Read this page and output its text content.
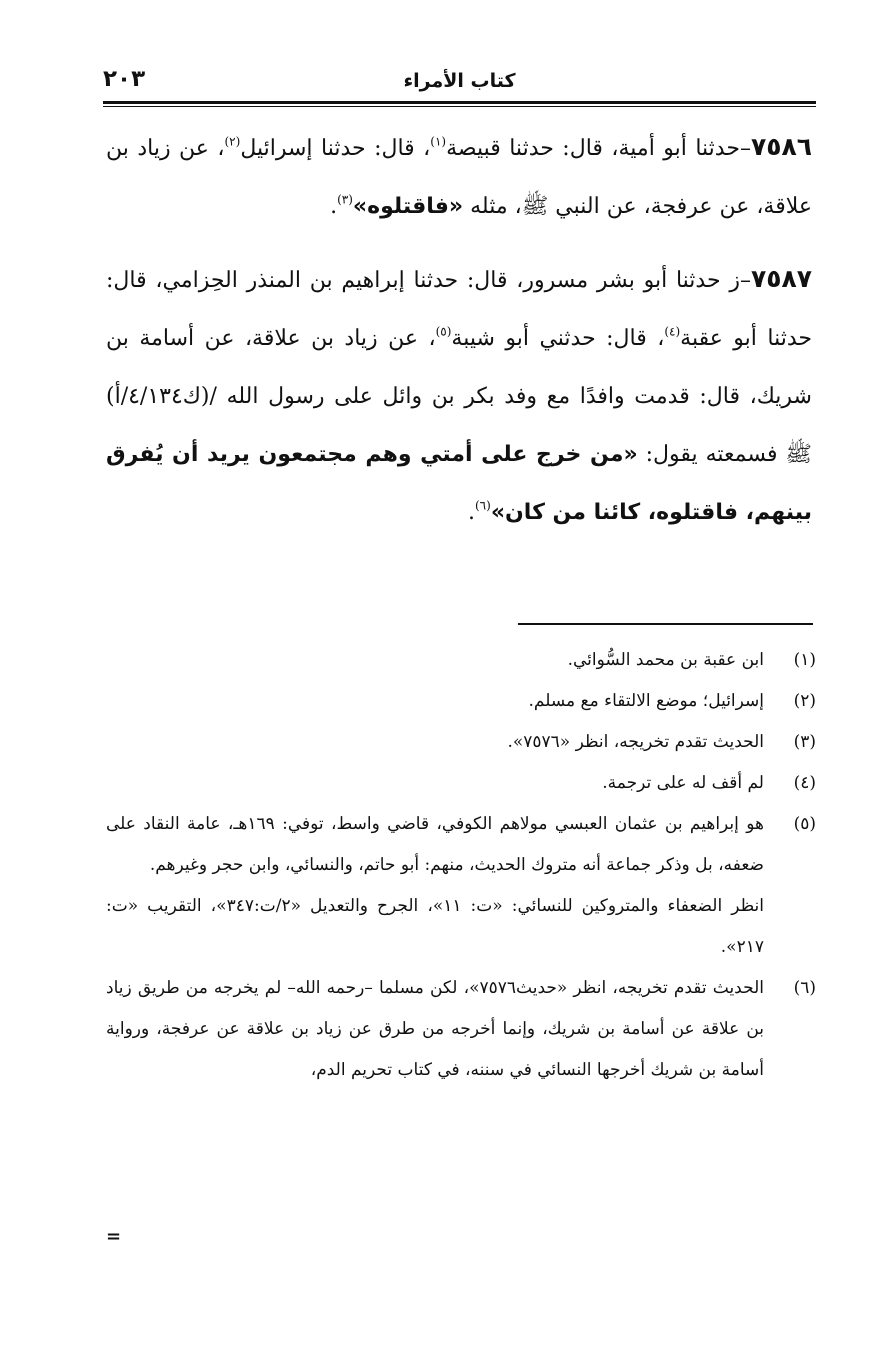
كتاب الأمراء
٢٠٣

٧٥٨٦–حدثنا أبو أمية، قال: حدثنا قبيصة$^{(١)}$، قال: حدثنا إسرائيل$^{(٢)}$، عن زياد بن علاقة، عن عرفجة، عن النبي ﷺ، مثله «فاقتلوه»$^{(٣)}$.

٧٥٨٧–ز حدثنا أبو بشر مسرور، قال: حدثنا إبراهيم بن المنذر الحِزامي، قال: حدثنا أبو عقبة$^{(٤)}$، قال: حدثني أبو شيبة$^{(٥)}$، عن زياد بن علاقة، عن أسامة بن شريك، قال: قدمت وافدًا مع وفد بكر بن وائل على رسول الله /(ك٤/١٣٤/أ) ﷺ فسمعته يقول: «من خرج على أمتي وهم مجتمعون يريد أن يُفرق بينهم، فاقتلوه، كائنا من كان»$^{(٦)}$.

(١)
ابن عقبة بن محمد السُّوائي.
(٢)
إسرائيل؛ موضع الالتقاء مع مسلم.
(٣)
الحديث تقدم تخريجه، انظر «٧٥٧٦».
(٤)
لم أقف له على ترجمة.
(٥)
هو إبراهيم بن عثمان العبسي مولاهم الكوفي، قاضي واسط، توفي: ١٦٩هـ، عامة النقاد على ضعفه، بل وذكر جماعة أنه متروك الحديث، منهم: أبو حاتم، والنسائي، وابن حجر وغيرهم.
انظر الضعفاء والمتروكين للنسائي: «ت: ١١»، الجرح والتعديل «٢/ت:٣٤٧»، التقريب «ت: ٢١٧».
(٦)
الحديث تقدم تخريجه، انظر «حديث٧٥٧٦»، لكن مسلما –رحمه الله– لم يخرجه من طريق زياد بن علاقة عن أسامة بن شريك، وإنما أخرجه من طرق عن زياد بن علاقة عن عرفجة، ورواية أسامة بن شريك أخرجها النسائي في سننه، في كتاب تحريم الدم،
=
